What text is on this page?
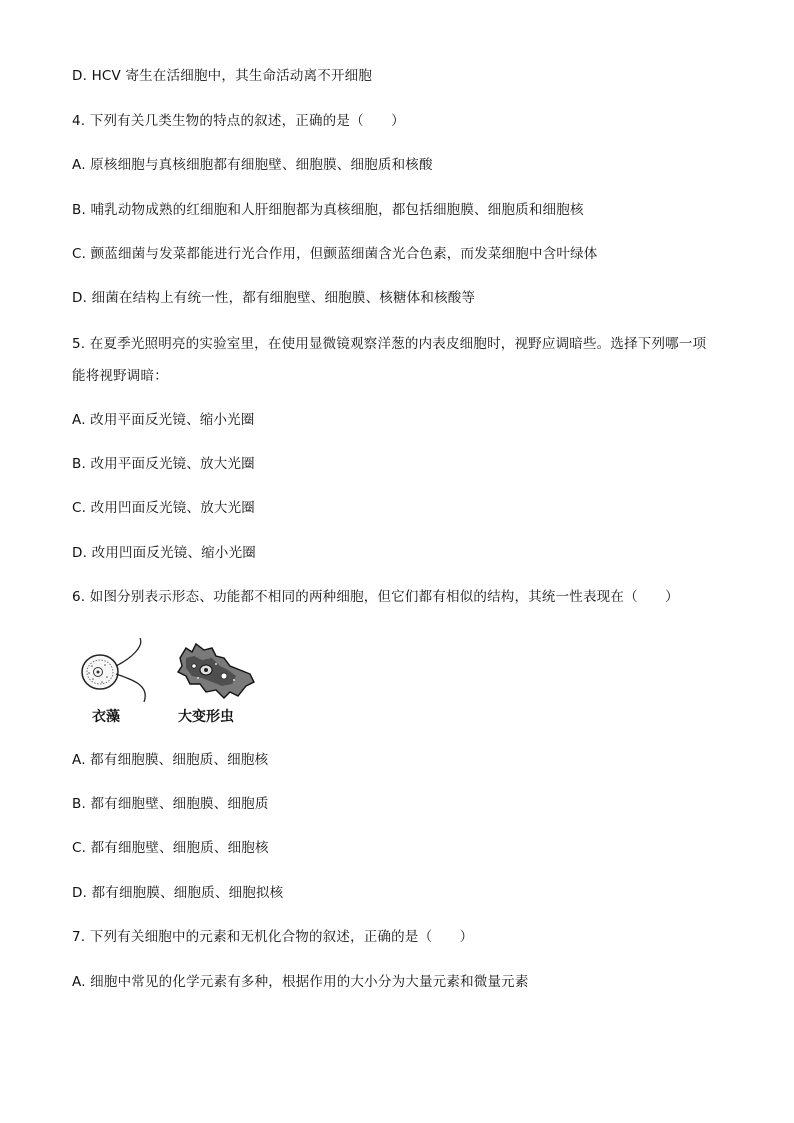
D. HCV 寄生在活细胞中，其生命活动离不开细胞
4. 下列有关几类生物的特点的叙述，正确的是（　　）
A. 原核细胞与真核细胞都有细胞壁、细胞膜、细胞质和核酸
B. 哺乳动物成熟的红细胞和人肝细胞都为真核细胞，都包括细胞膜、细胞质和细胞核
C. 颤蓝细菌与发菜都能进行光合作用，但颤蓝细菌含光合色素，而发菜细胞中含叶绿体
D. 细菌在结构上有统一性，都有细胞壁、细胞膜、核糖体和核酸等
5. 在夏季光照明亮的实验室里，在使用显微镜观察洋葱的内表皮细胞时，视野应调暗些。选择下列哪一项
能将视野调暗：
A. 改用平面反光镜、缩小光圈
B. 改用平面反光镜、放大光圈
C. 改用凹面反光镜、放大光圈
D. 改用凹面反光镜、缩小光圈
6. 如图分别表示形态、功能都不相同的两种细胞，但它们都有相似的结构，其统一性表现在（　　）
衣藻	大变形虫
A. 都有细胞膜、细胞质、细胞核
B. 都有细胞壁、细胞膜、细胞质
C. 都有细胞壁、细胞质、细胞核
D. 都有细胞膜、细胞质、细胞拟核
7. 下列有关细胞中的元素和无机化合物的叙述，正确的是（　　）
A. 细胞中常见的化学元素有多种，根据作用的大小分为大量元素和微量元素
